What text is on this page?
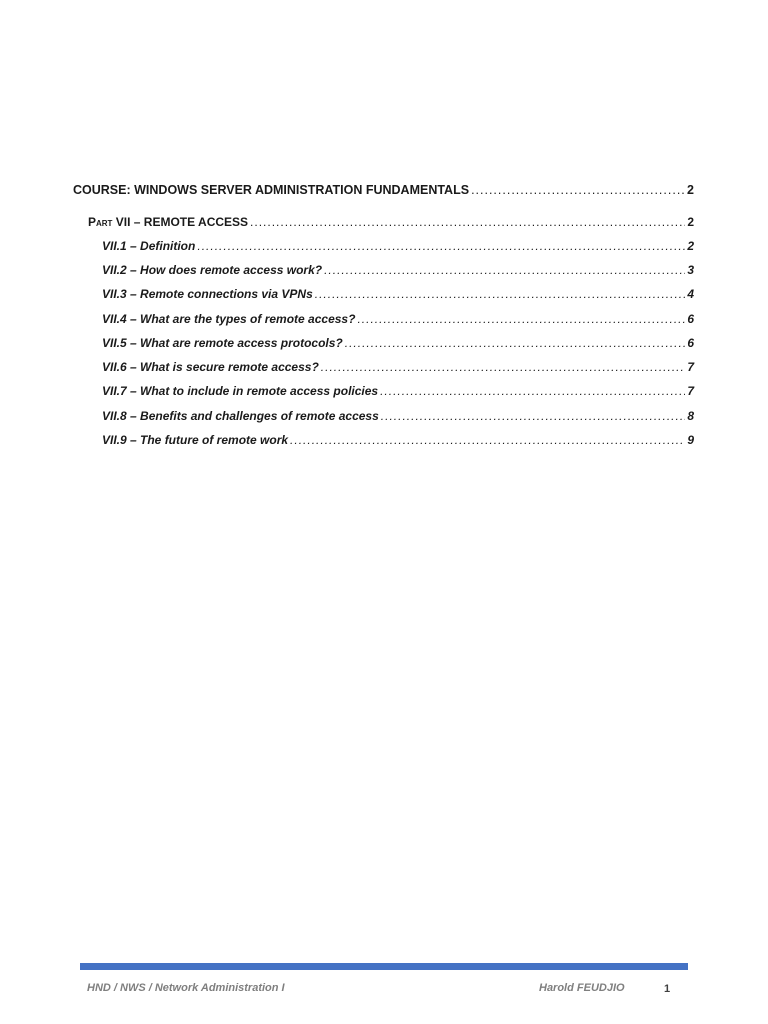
COURSE: WINDOWS SERVER ADMINISTRATION FUNDAMENTALS .....	2
Part VII – REMOTE ACCESS .....	2
VII.1 – Definition .....	2
VII.2 – How does remote access work? .....	3
VII.3 – Remote connections via VPNs .....	4
VII.4 – What are the types of remote access? .....	6
VII.5 – What are remote access protocols? .....	6
VII.6 – What is secure remote access? .....	7
VII.7 – What to include in remote access policies .....	7
VII.8 – Benefits and challenges of remote access .....	8
VII.9 – The future of remote work .....	9
HND / NWS / Network Administration I	Harold FEUDJIO	1
